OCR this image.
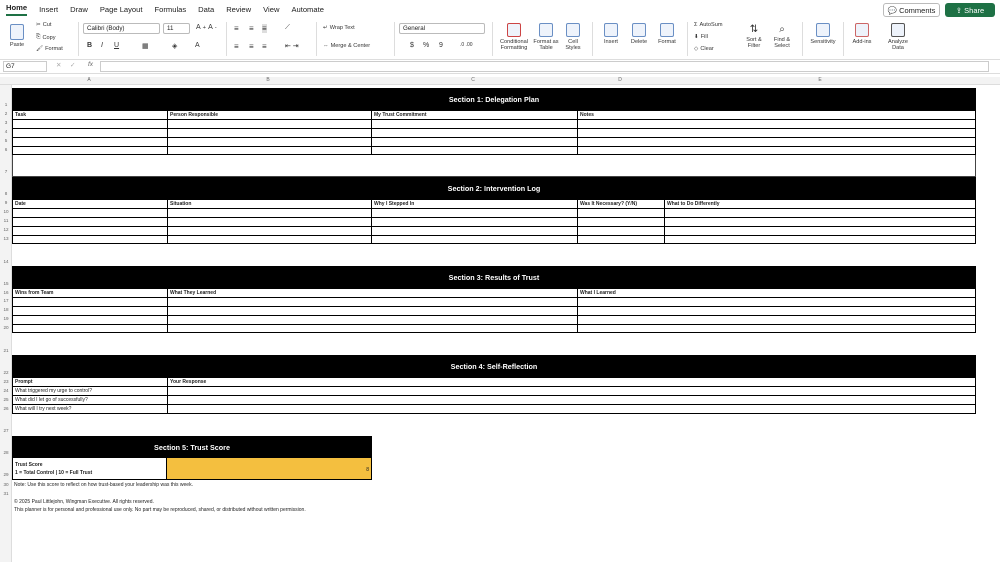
Home Insert Draw Page Layout Formulas Data Review View Automate	💬 Comments	⇪ Share
Paste
✂ Cut
⎘ Copy
🖌 Format
Calibri (Body)	11	A + A -
B I U	▦	◈	A
≡ ≡ ≡
≡ ≡ ≡
⟋
⇤ ⇥
↵ Wrap Text
⇔ Merge & Center
General
$ % 9	.0 .00	Conditional Formatting
Format as Table
Cell Styles
Insert	Delete	Format
Σ AutoSum
⬇ Fill
◇ Clear
⇅
Sort & Filter
⌕
Find & Select
Sensitivity	Add-ins	Analyze Data
G7	✕ ✓ fx
A	B	C	D	E
1
2
3
4
5
6
7
8
9
10
11
12
13
14
15
16
17
18
19
20
21
22
23
24
25
26
27
28
29
30
31
Section 1: Delegation Plan
Task	Person Responsible	My Trust Commitment	Notes
Section 2: Intervention Log
Date	Situation	Why I Stepped In	Was It Necessary? (Y/N)	What to Do Differently
Section 3: Results of Trust
Wins from Team	What They Learned	What I Learned
Section 4: Self-Reflection
Prompt	Your Response
What triggered my urge to control?
What did I let go of successfully?
What will I try next week?
Section 5: Trust Score
Trust Score
1 = Total Control | 10 = Full Trust	8
Note: Use this score to reflect on how trust-based your leadership was this week.
© 2025 Paul Littlejohn, Wingman Executive. All rights reserved.
This planner is for personal and professional use only. No part may be reproduced, shared, or distributed without written permission.
